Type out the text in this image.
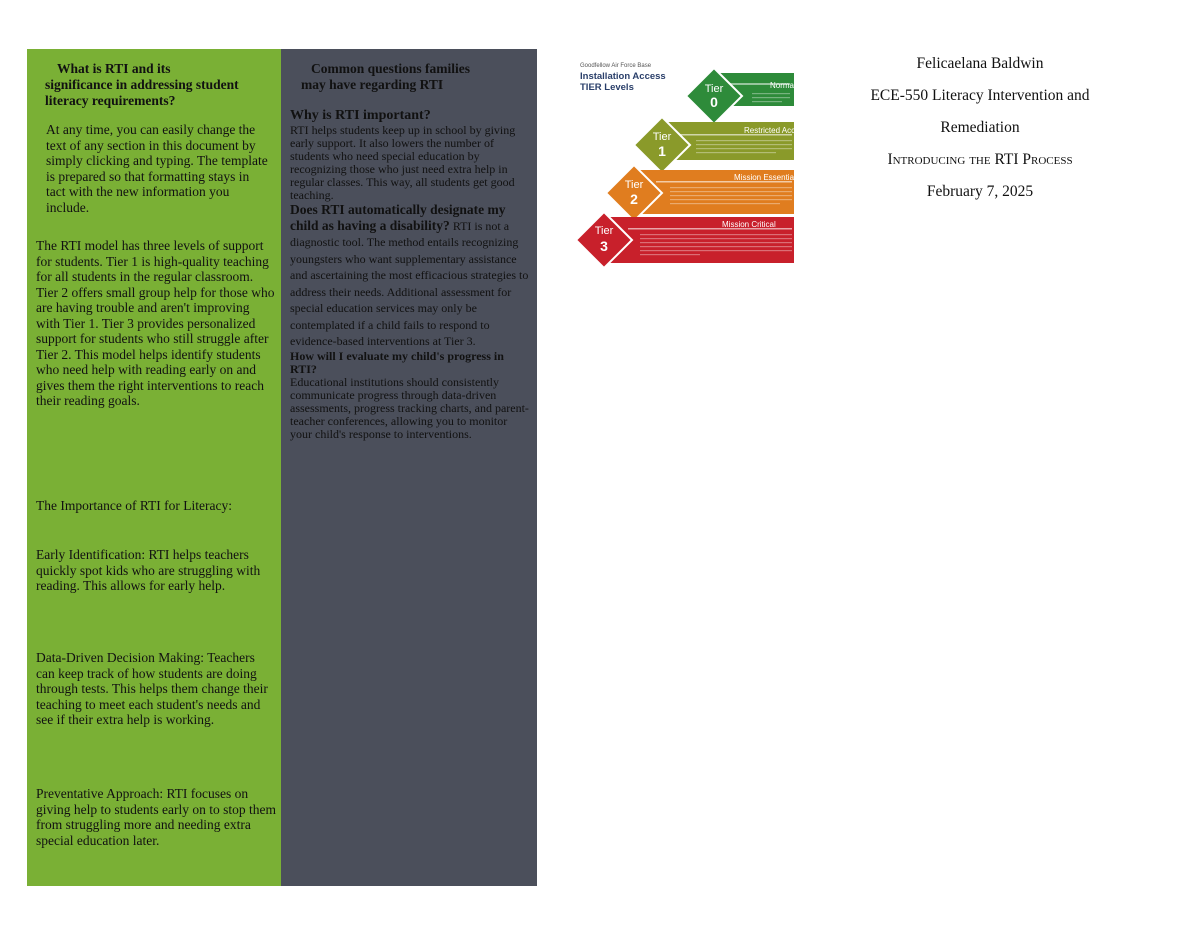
What is RTI and its
significance in addressing student literacy requirements?
At any time, you can easily change the text of any section in this document by simply clicking and typing. The template is prepared so that formatting stays in tact with the new information you include.
The RTI model has three levels of support for students. Tier 1 is high-quality teaching for all students in the regular classroom. Tier 2 offers small group help for those who are having trouble and aren't improving with Tier 1. Tier 3 provides personalized support for students who still struggle after Tier 2. This model helps identify students who need help with reading early on and gives them the right interventions to reach their reading goals.
The Importance of RTI for Literacy:
Early Identification: RTI helps teachers quickly spot kids who are struggling with reading. This allows for early help.
Data-Driven Decision Making: Teachers can keep track of how students are doing through tests. This helps them change their teaching to meet each student's needs and see if their extra help is working.
Preventative Approach: RTI focuses on giving help to students early on to stop them from struggling more and needing extra special education later.
Common questions families
may have regarding RTI
Why is RTI important?
RTI helps students keep up in school by giving early support. It also lowers the number of students who need special education by recognizing those who just need extra help in regular classes. This way, all students get good teaching.
Does RTI automatically designate my child as having a disability? RTI is not a diagnostic tool. The method entails recognizing youngsters who want supplementary assistance and ascertaining the most efficacious strategies to address their needs. Additional assessment for special education services may only be contemplated if a child fails to respond to evidence-based interventions at Tier 3.
How will I evaluate my child's progress in RTI?
Educational institutions should consistently communicate progress through data-driven assessments, progress tracking charts, and parent-teacher conferences, allowing you to monitor your child's response to interventions.
Goodfellow Air Force Base
Installation Access
TIER Levels	Normal
Tier
0
Restricted Access
Tier
1
Mission Essential
Tier
2
Mission Critical
Tier
3
Felicaelana Baldwin
ECE-550 Literacy Intervention and Remediation
Introducing the RTI Process
February 7, 2025
